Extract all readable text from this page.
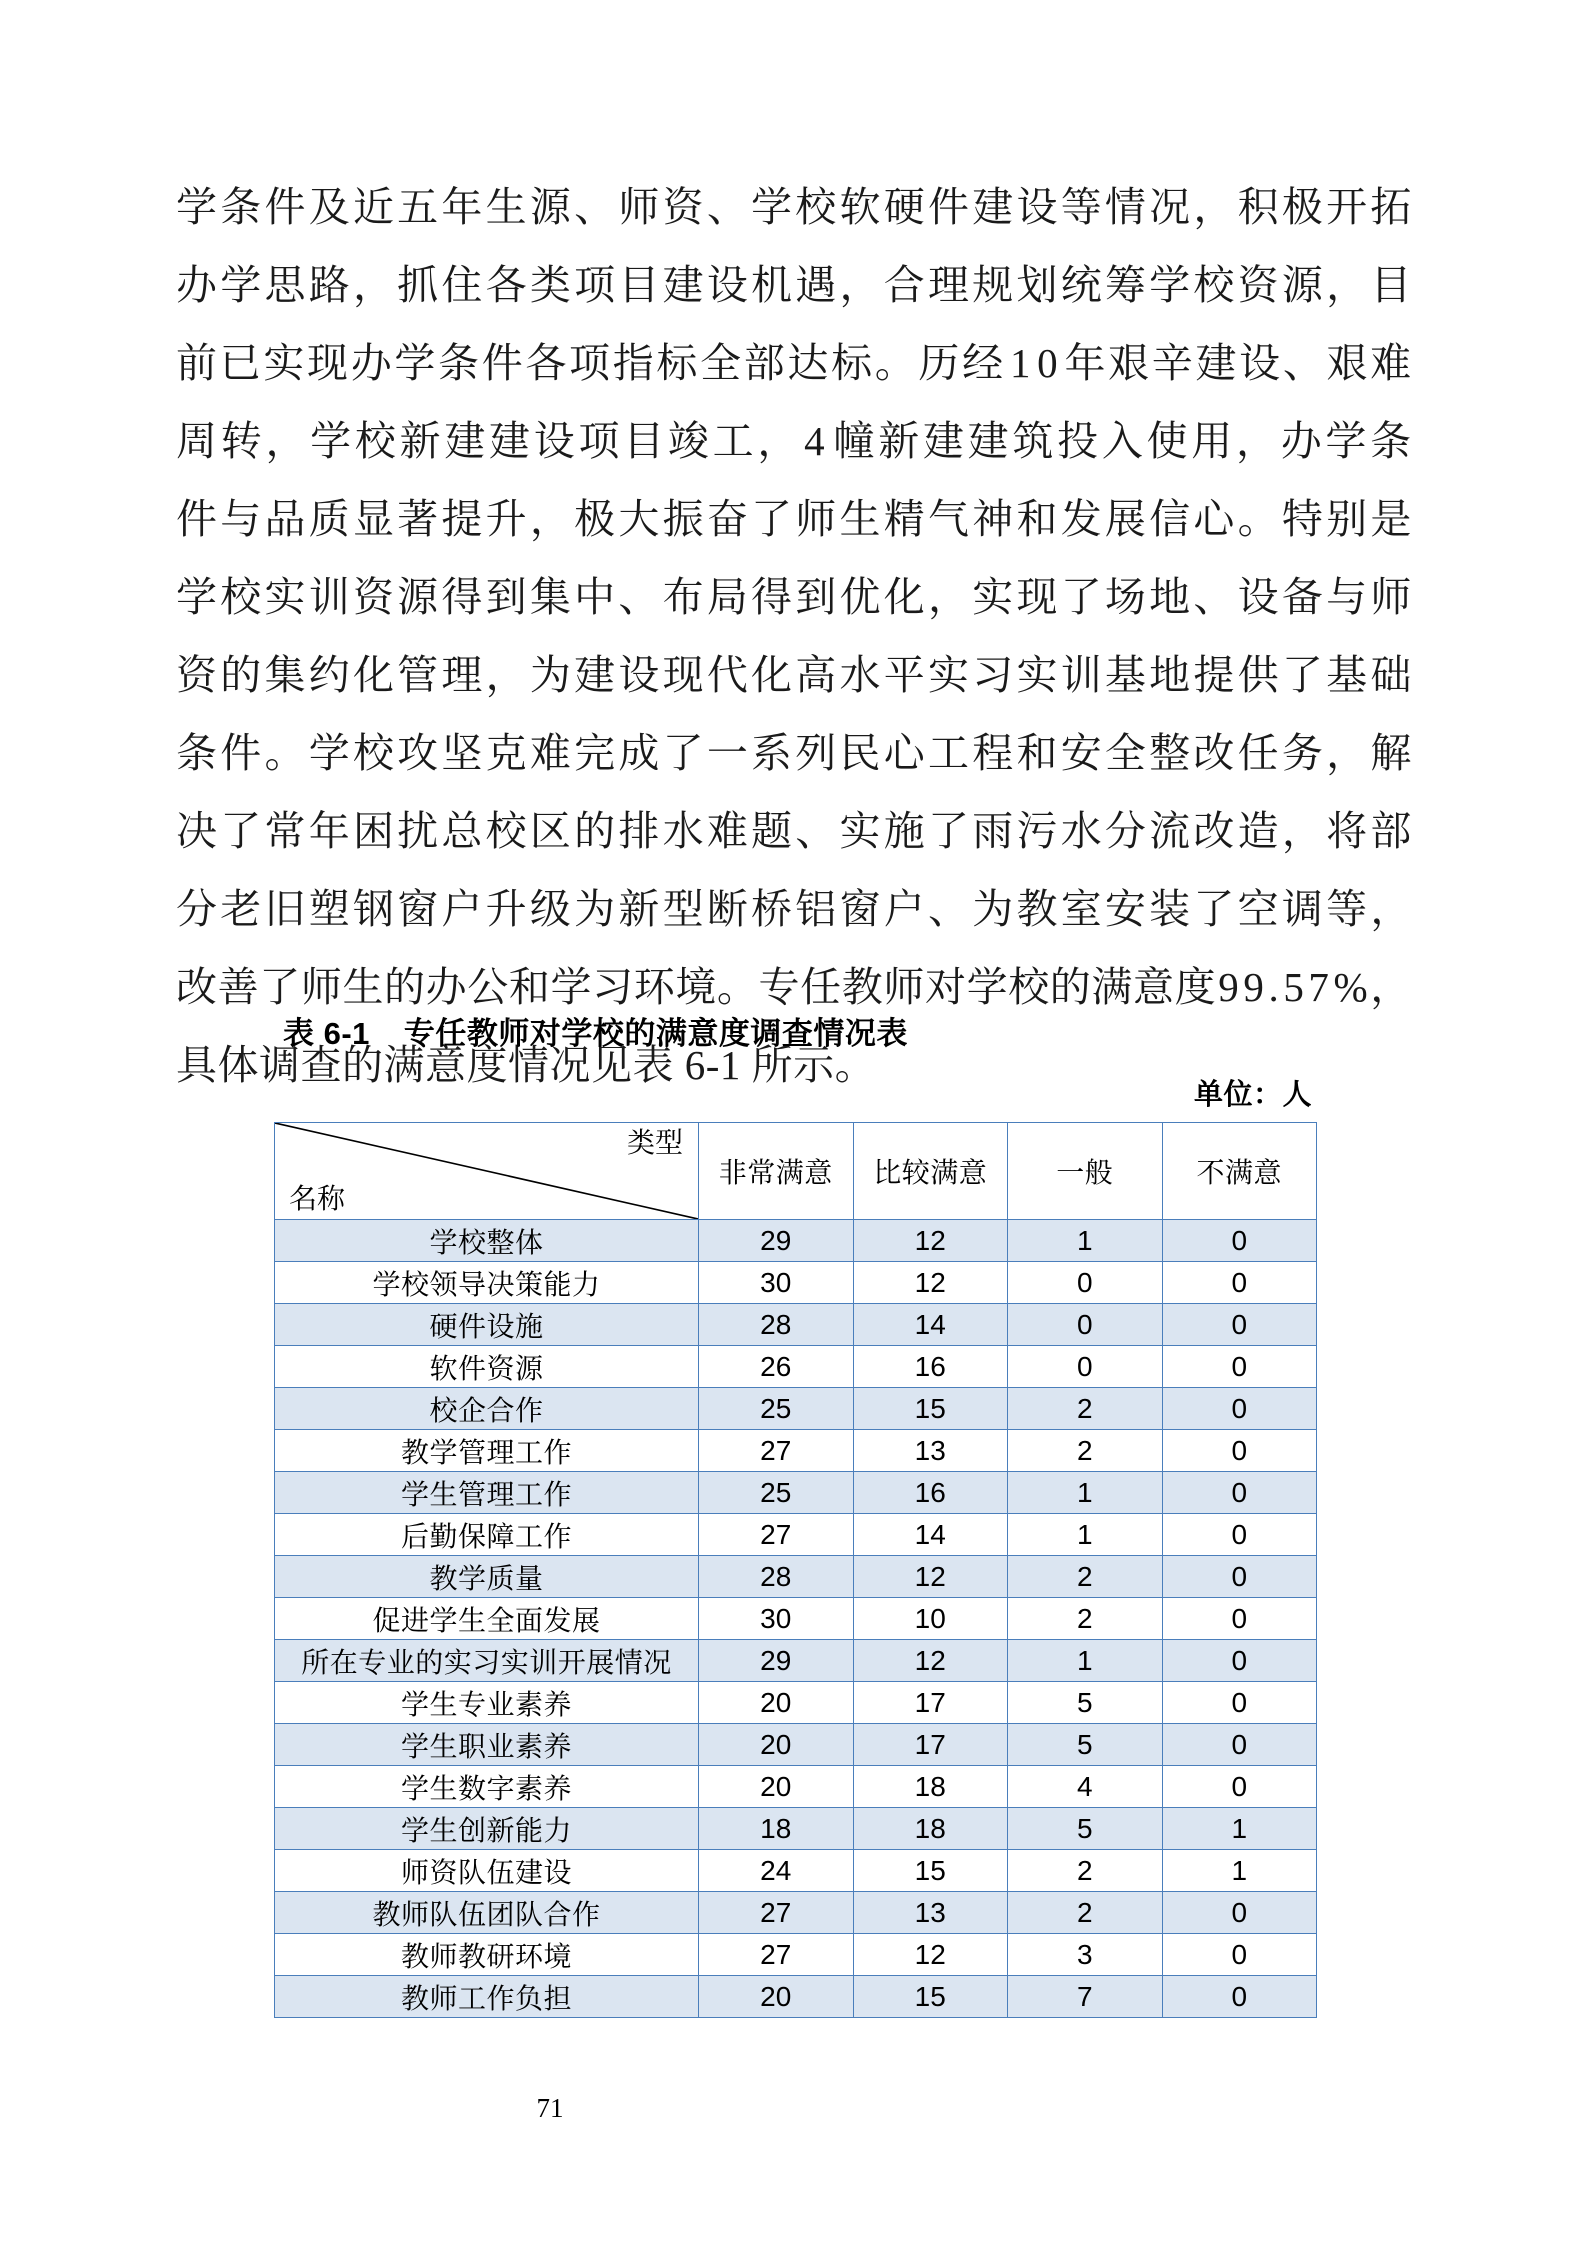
学 条 件 及 近 五 年 生 源 、 师 资 、 学 校 软 硬 件 建 设 等 情 况 ， 积 极 开 拓
办 学 思 路 ， 抓 住 各 类 项 目 建 设 机 遇 ， 合 理 规 划 统 筹 学 校 资 源 ， 目
前 已 实 现 办 学 条 件 各 项 指 标 全 部 达 标 。 历 经 1 0 年 艰 辛 建 设 、 艰 难
周 转 ， 学 校 新 建 建 设 项 目 竣 工 ， 4 幢 新 建 建 筑 投 入 使 用 ， 办 学 条
件 与 品 质 显 著 提 升 ， 极 大 振 奋 了 师 生 精 气 神 和 发 展 信 心 。 特 别 是
学 校 实 训 资 源 得 到 集 中 、 布 局 得 到 优 化 ， 实 现 了 场 地 、 设 备 与 师
资 的 集 约 化 管 理 ， 为 建 设 现 代 化 高 水 平 实 习 实 训 基 地 提 供 了 基 础
条 件 。 学 校 攻 坚 克 难 完 成 了 一 系 列 民 心 工 程 和 安 全 整 改 任 务 ， 解
决 了 常 年 困 扰 总 校 区 的 排 水 难 题 、 实 施 了 雨 污 水 分 流 改 造 ， 将 部
分 老 旧 塑 钢 窗 户 升 级 为 新 型 断 桥 铝 窗 户 、 为 教 室 安 装 了 空 调 等 ，
改 善 了 师 生 的 办 公 和 学 习 环 境 。 专 任 教 师 对 学 校 的 满 意 度 9 9 . 5 7 % ，
具体调查的满意度情况见表 6-1 所示。
表 6-1 专任教师对学校的满意度调查情况表
单位：人
类型
名称	非常满意	比较满意	一般	不满意
学校整体	29	12	1	0
学校领导决策能力	30	12	0	0
硬件设施	28	14	0	0
软件资源	26	16	0	0
校企合作	25	15	2	0
教学管理工作	27	13	2	0
学生管理工作	25	16	1	0
后勤保障工作	27	14	1	0
教学质量	28	12	2	0
促进学生全面发展	30	10	2	0
所在专业的实习实训开展情况	29	12	1	0
学生专业素养	20	17	5	0
学生职业素养	20	17	5	0
学生数字素养	20	18	4	0
学生创新能力	18	18	5	1
师资队伍建设	24	15	2	1
教师队伍团队合作	27	13	2	0
教师教研环境	27	12	3	0
教师工作负担	20	15	7	0
71
